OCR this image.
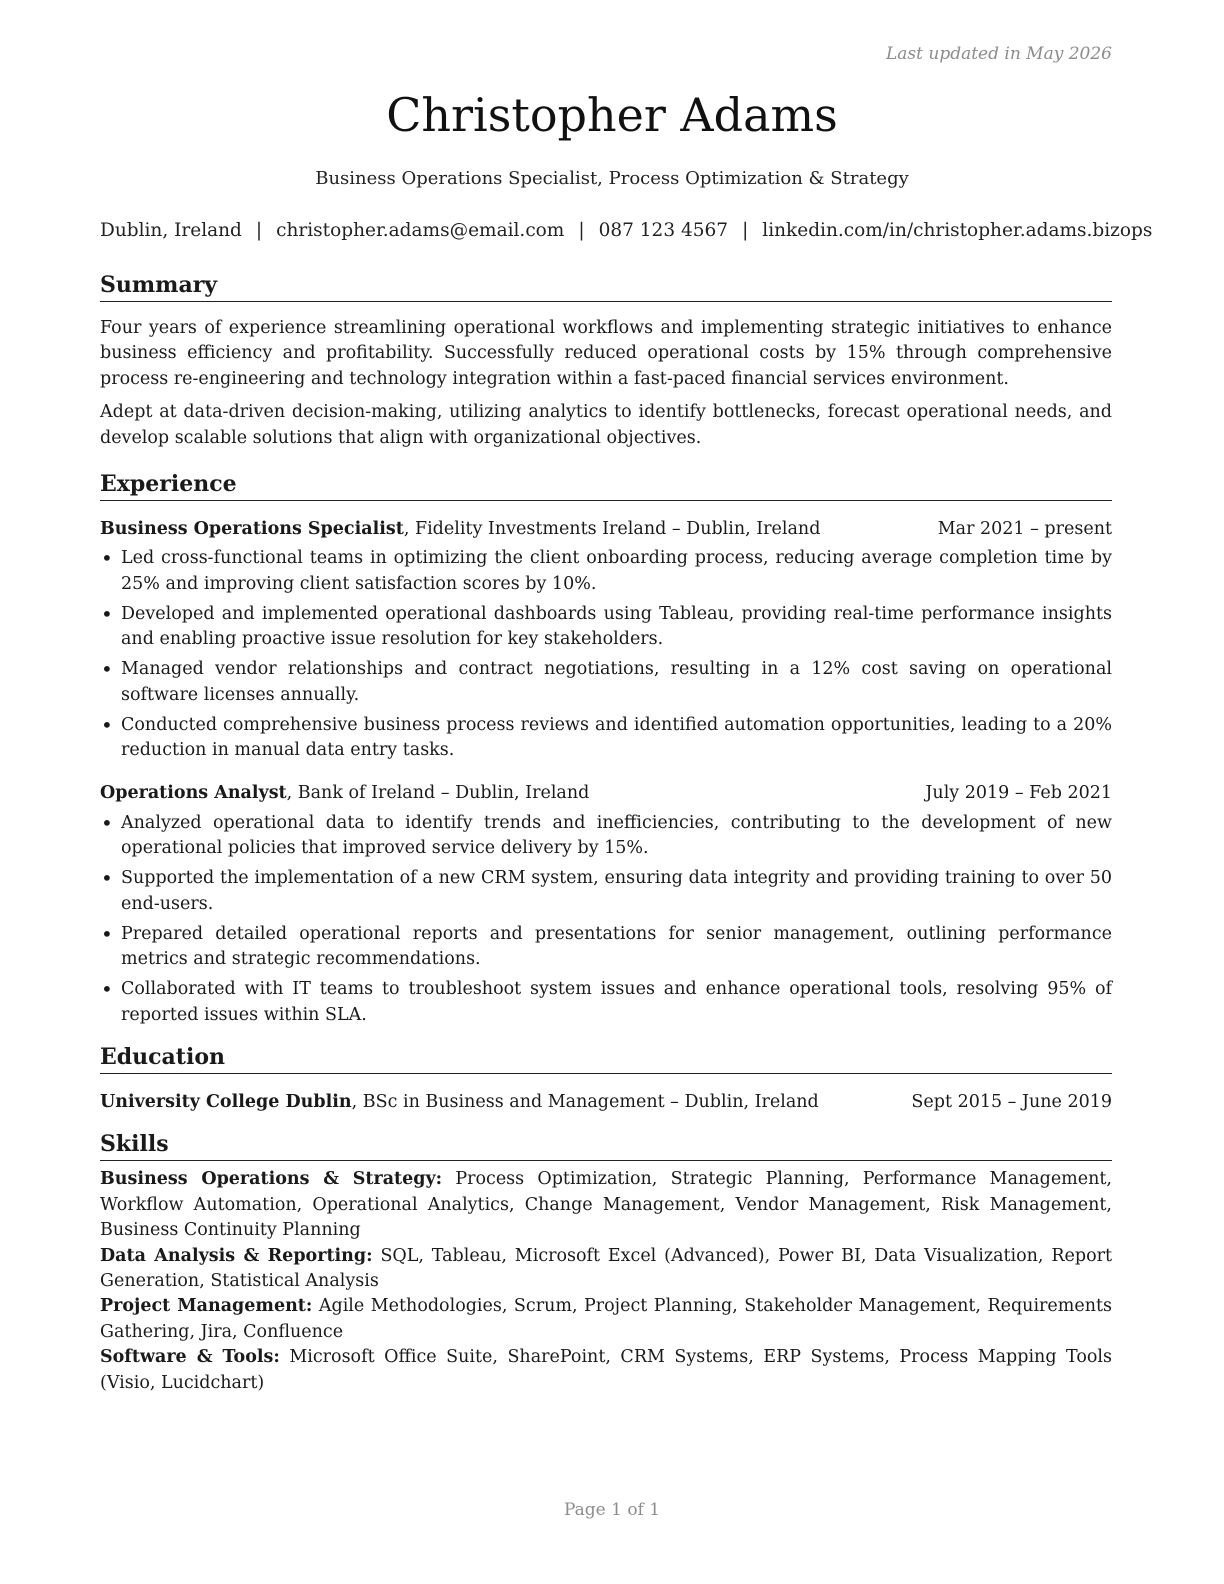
Last updated in May 2026
Christopher Adams
Business Operations Specialist, Process Optimization & Strategy
Dublin, Ireland | christopher.adams@email.com | 087 123 4567 | linkedin.com/in/christopher.adams.bizops
Summary

Four years of experience streamlining operational workflows and implementing strategic initiatives to enhance business efficiency and profitability. Successfully reduced operational costs by 15% through comprehensive process re-engineering and technology integration within a fast-paced financial services environment.

Adept at data-driven decision-making, utilizing analytics to identify bottlenecks, forecast operational needs, and develop scalable solutions that align with organizational objectives.

Experience
Business Operations Specialist, Fidelity Investments Ireland – Dublin, Ireland	Mar 2021 – present
• Led cross-functional teams in optimizing the client onboarding process, reducing average completion time by 25% and improving client satisfaction scores by 10%.
• Developed and implemented operational dashboards using Tableau, providing real-time performance insights and enabling proactive issue resolution for key stakeholders.
• Managed vendor relationships and contract negotiations, resulting in a 12% cost saving on operational software licenses annually.
• Conducted comprehensive business process reviews and identified automation opportunities, leading to a 20% reduction in manual data entry tasks.
Operations Analyst, Bank of Ireland – Dublin, Ireland	July 2019 – Feb 2021
• Analyzed operational data to identify trends and inefficiencies, contributing to the development of new operational policies that improved service delivery by 15%.
• Supported the implementation of a new CRM system, ensuring data integrity and providing training to over 50 end-users.
• Prepared detailed operational reports and presentations for senior management, outlining performance metrics and strategic recommendations.
• Collaborated with IT teams to troubleshoot system issues and enhance operational tools, resolving 95% of reported issues within SLA.
Education
University College Dublin, BSc in Business and Management – Dublin, Ireland	Sept 2015 – June 2019
Skills

Business Operations & Strategy: Process Optimization, Strategic Planning, Performance Management, Workflow Automation, Operational Analytics, Change Management, Vendor Management, Risk Management, Business Continuity Planning

Data Analysis & Reporting: SQL, Tableau, Microsoft Excel (Advanced), Power BI, Data Visualization, Report Generation, Statistical Analysis

Project Management: Agile Methodologies, Scrum, Project Planning, Stakeholder Management, Requirements Gathering, Jira, Confluence

Software & Tools: Microsoft Office Suite, SharePoint, CRM Systems, ERP Systems, Process Mapping Tools (Visio, Lucidchart)

Page 1 of 1
